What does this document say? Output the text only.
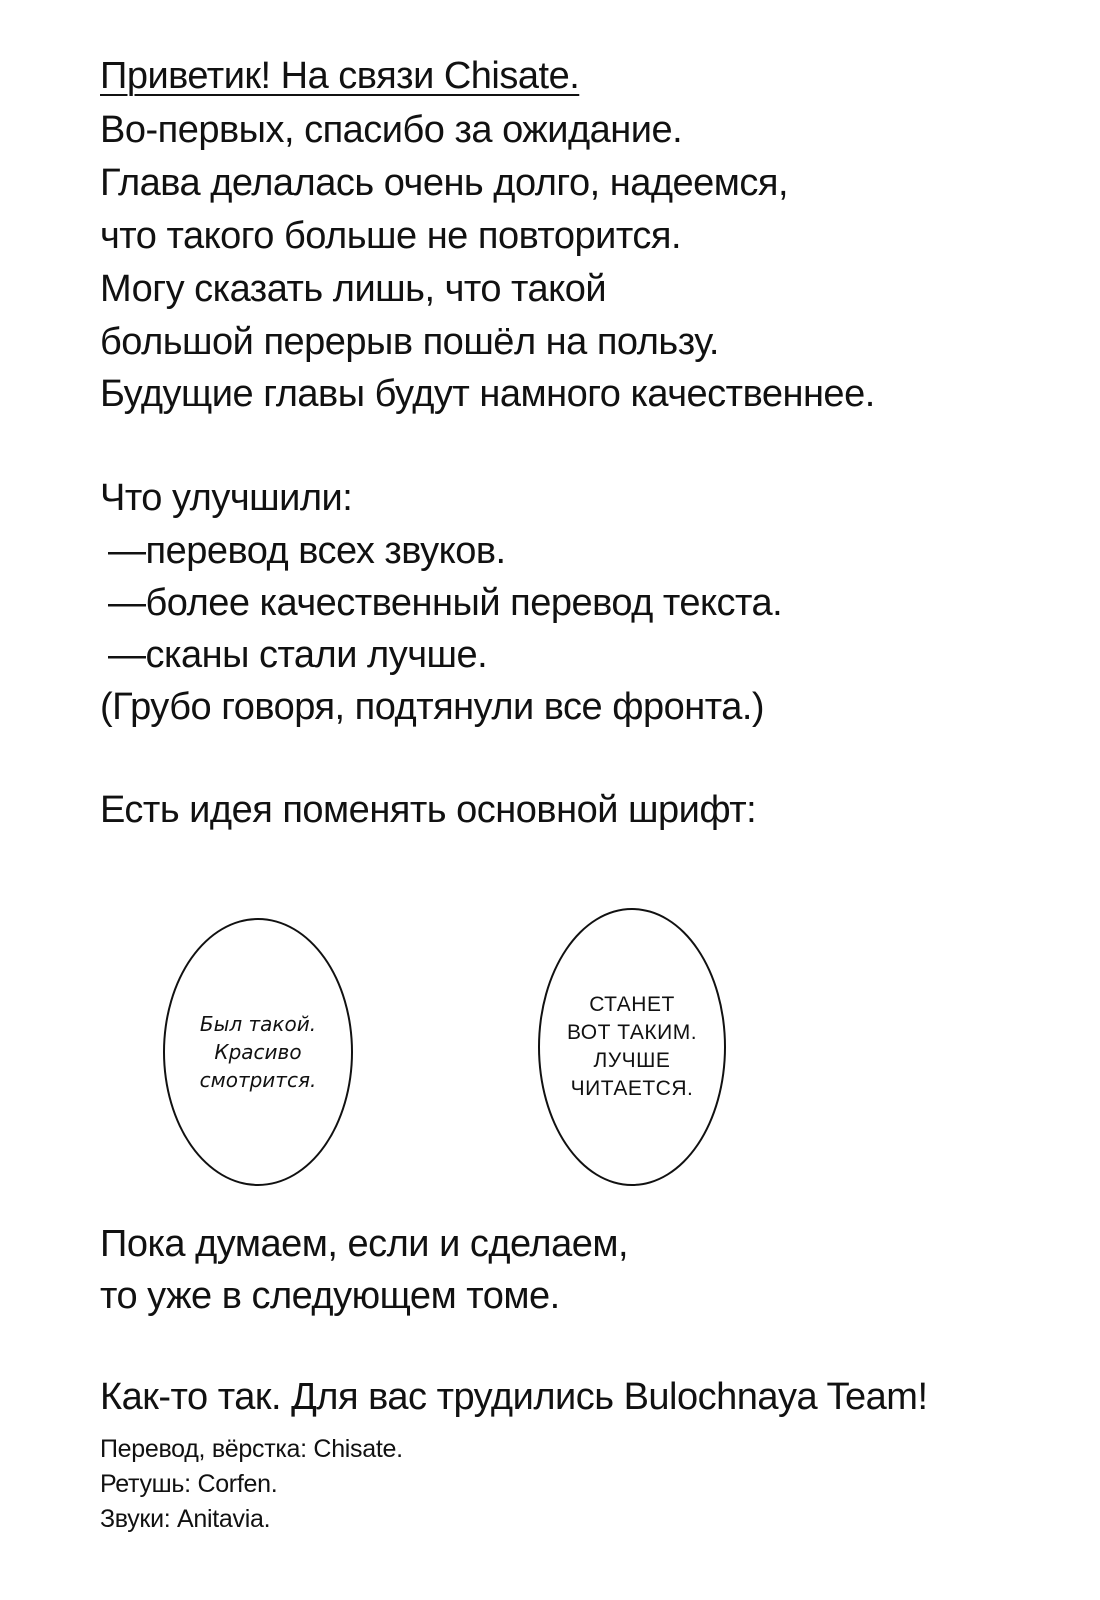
Приветик! На связи Chisate.
Во-первых, спасибо за ожидание.
Глава делалась очень долго, надеемся,
что такого больше не повторится.
Могу сказать лишь, что такой
большой перерыв пошёл на пользу.
Будущие главы будут намного качественнее.
Что улучшили:
—перевод всех звуков.
—более качественный перевод текста.
—сканы стали лучше.
(Грубо говоря, подтянули все фронта.)
Есть идея поменять основной шрифт:
Был такой.
Красиво
смотрится.
СТАНЕТ
ВОТ ТАКИМ.
ЛУЧШЕ
ЧИТАЕТСЯ.
Пока думаем, если и сделаем,
то уже в следующем томе.
Как-то так. Для вас трудились Bulochnaya Team!
Перевод, вёрстка: Chisate.
Ретушь: Corfen.
Звуки: Anitavia.
